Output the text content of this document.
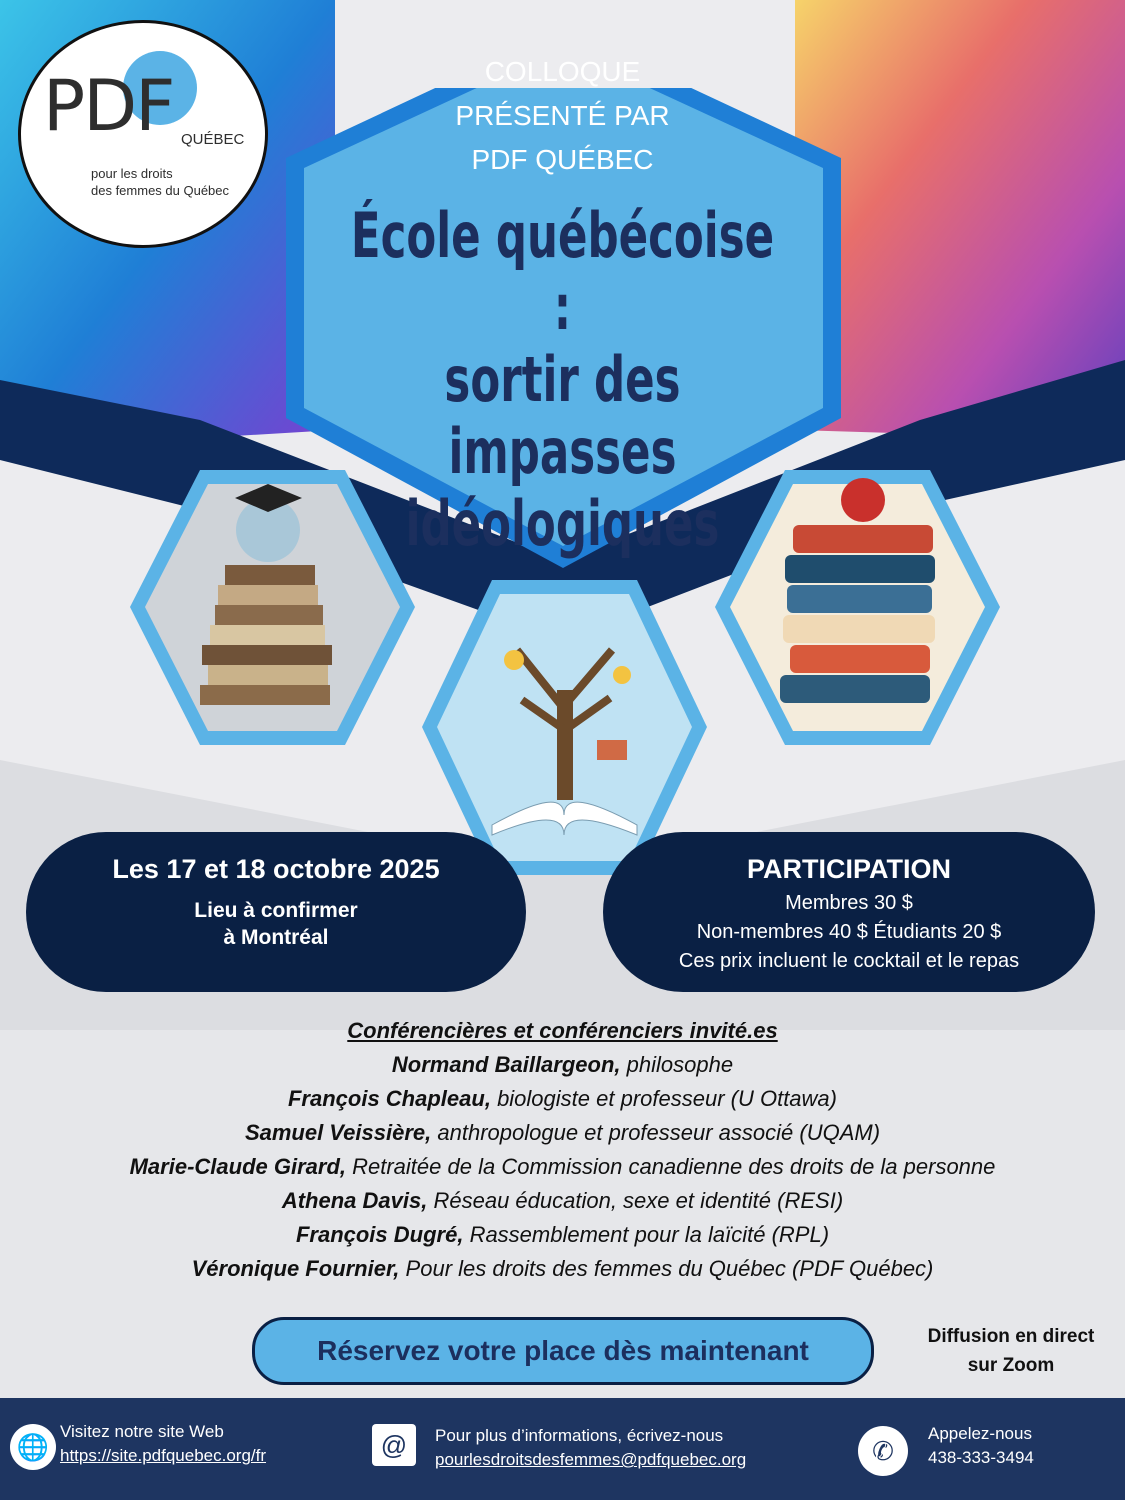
PDF QUÉBEC
pour les droits
des femmes du Québec
COLLOQUE
PRÉSENTÉ PAR
PDF QUÉBEC
École québécoise :
sortir des impasses
idéologiques
Les 17 et 18 octobre 2025
Lieu à confirmer
à Montréal
PARTICIPATION
Membres 30 $
Non-membres 40 $ Étudiants 20 $
Ces prix incluent le cocktail et le repas
Conférencières et conférenciers invité.es
Normand Baillargeon, philosophe
François Chapleau, biologiste et professeur (U Ottawa)
Samuel Veissière, anthropologue et professeur associé (UQAM)
Marie-Claude Girard, Retraitée de la Commission canadienne des droits de la personne
Athena Davis, Réseau éducation, sexe et identité (RESI)
François Dugré, Rassemblement pour la laïcité (RPL)
Véronique Fournier, Pour les droits des femmes du Québec (PDF Québec)
Réservez votre place dès maintenant	Diffusion en direct
sur Zoom
🌐
Visitez notre site Web
https://site.pdfquebec.org/fr	@	Pour plus d’informations, écrivez-nous
pourlesdroitsdesfemmes@pdfquebec.org	✆
Appelez-nous
438-333-3494
